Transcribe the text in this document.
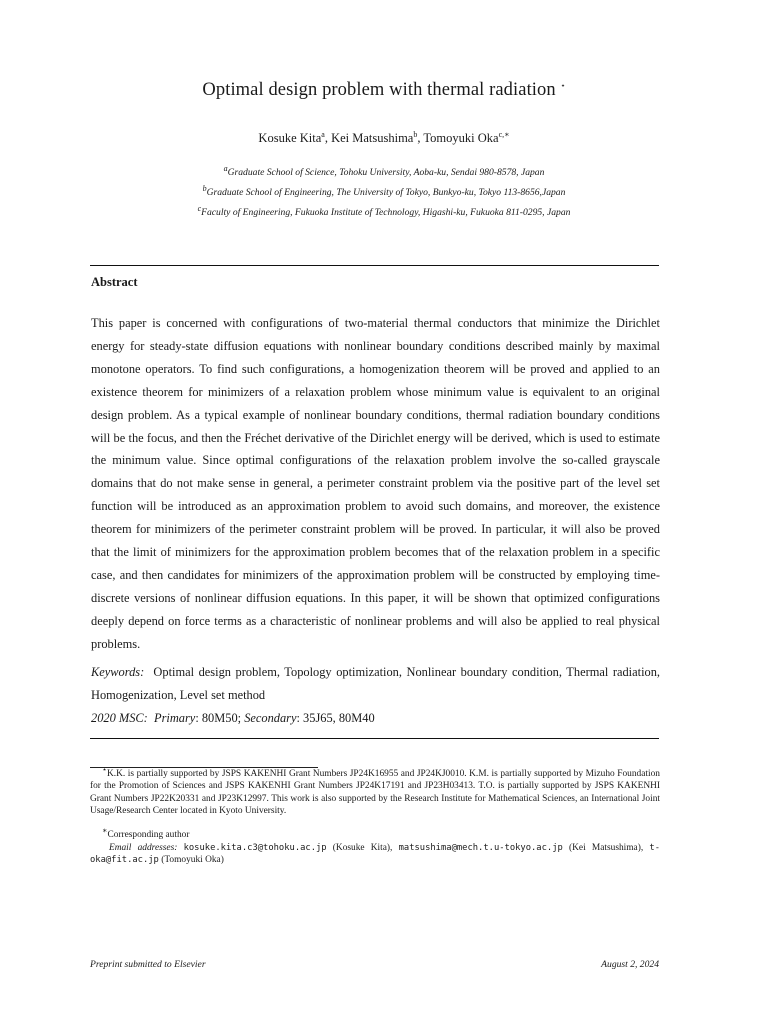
Optimal design problem with thermal radiation ⋆
Kosuke Kita$^a$, Kei Matsushima$^b$, Tomoyuki Oka$^{c,∗}$
$^a$Graduate School of Science, Tohoku University, Aoba-ku, Sendai 980-8578, Japan
$^b$Graduate School of Engineering, The University of Tokyo, Bunkyo-ku, Tokyo 113-8656,Japan
$^c$Faculty of Engineering, Fukuoka Institute of Technology, Higashi-ku, Fukuoka 811-0295, Japan
Abstract
This paper is concerned with configurations of two-material thermal conductors that minimize the Dirichlet energy for steady-state diffusion equations with nonlinear boundary conditions described mainly by maximal monotone operators. To find such configurations, a homogenization theorem will be proved and applied to an existence theorem for minimizers of a relaxation problem whose minimum value is equivalent to an original design problem. As a typical example of nonlinear boundary conditions, thermal radiation boundary conditions will be the focus, and then the Fréchet derivative of the Dirichlet energy will be derived, which is used to estimate the minimum value. Since optimal configurations of the relaxation problem involve the so-called grayscale domains that do not make sense in general, a perimeter constraint problem via the positive part of the level set function will be introduced as an approximation problem to avoid such domains, and moreover, the existence theorem for minimizers of the perimeter constraint problem will be proved. In particular, it will also be proved that the limit of minimizers for the approximation problem becomes that of the relaxation problem in a specific case, and then candidates for minimizers of the approximation problem will be constructed by employing time-discrete versions of nonlinear diffusion equations. In this paper, it will be shown that optimized configurations deeply depend on force terms as a characteristic of nonlinear problems and will also be applied to real physical problems.
Keywords: Optimal design problem, Topology optimization, Nonlinear boundary condition, Thermal radiation, Homogenization, Level set method
2020 MSC: Primary: 80M50; Secondary: 35J65, 80M40
⋆K.K. is partially supported by JSPS KAKENHI Grant Numbers JP24K16955 and JP24KJ0010. K.M. is partially supported by Mizuho Foundation for the Promotion of Sciences and JSPS KAKENHI Grant Numbers JP24K17191 and JP23H03413. T.O. is partially supported by JSPS KAKENHI Grant Numbers JP22K20331 and JP23K12997. This work is also supported by the Research Institute for Mathematical Sciences, an International Joint Usage/Research Center located in Kyoto University.
∗Corresponding author
Email addresses: kosuke.kita.c3@tohoku.ac.jp (Kosuke Kita), matsushima@mech.t.u-tokyo.ac.jp (Kei Matsushima), t-oka@fit.ac.jp (Tomoyuki Oka)
Preprint submitted to Elsevier	August 2, 2024
